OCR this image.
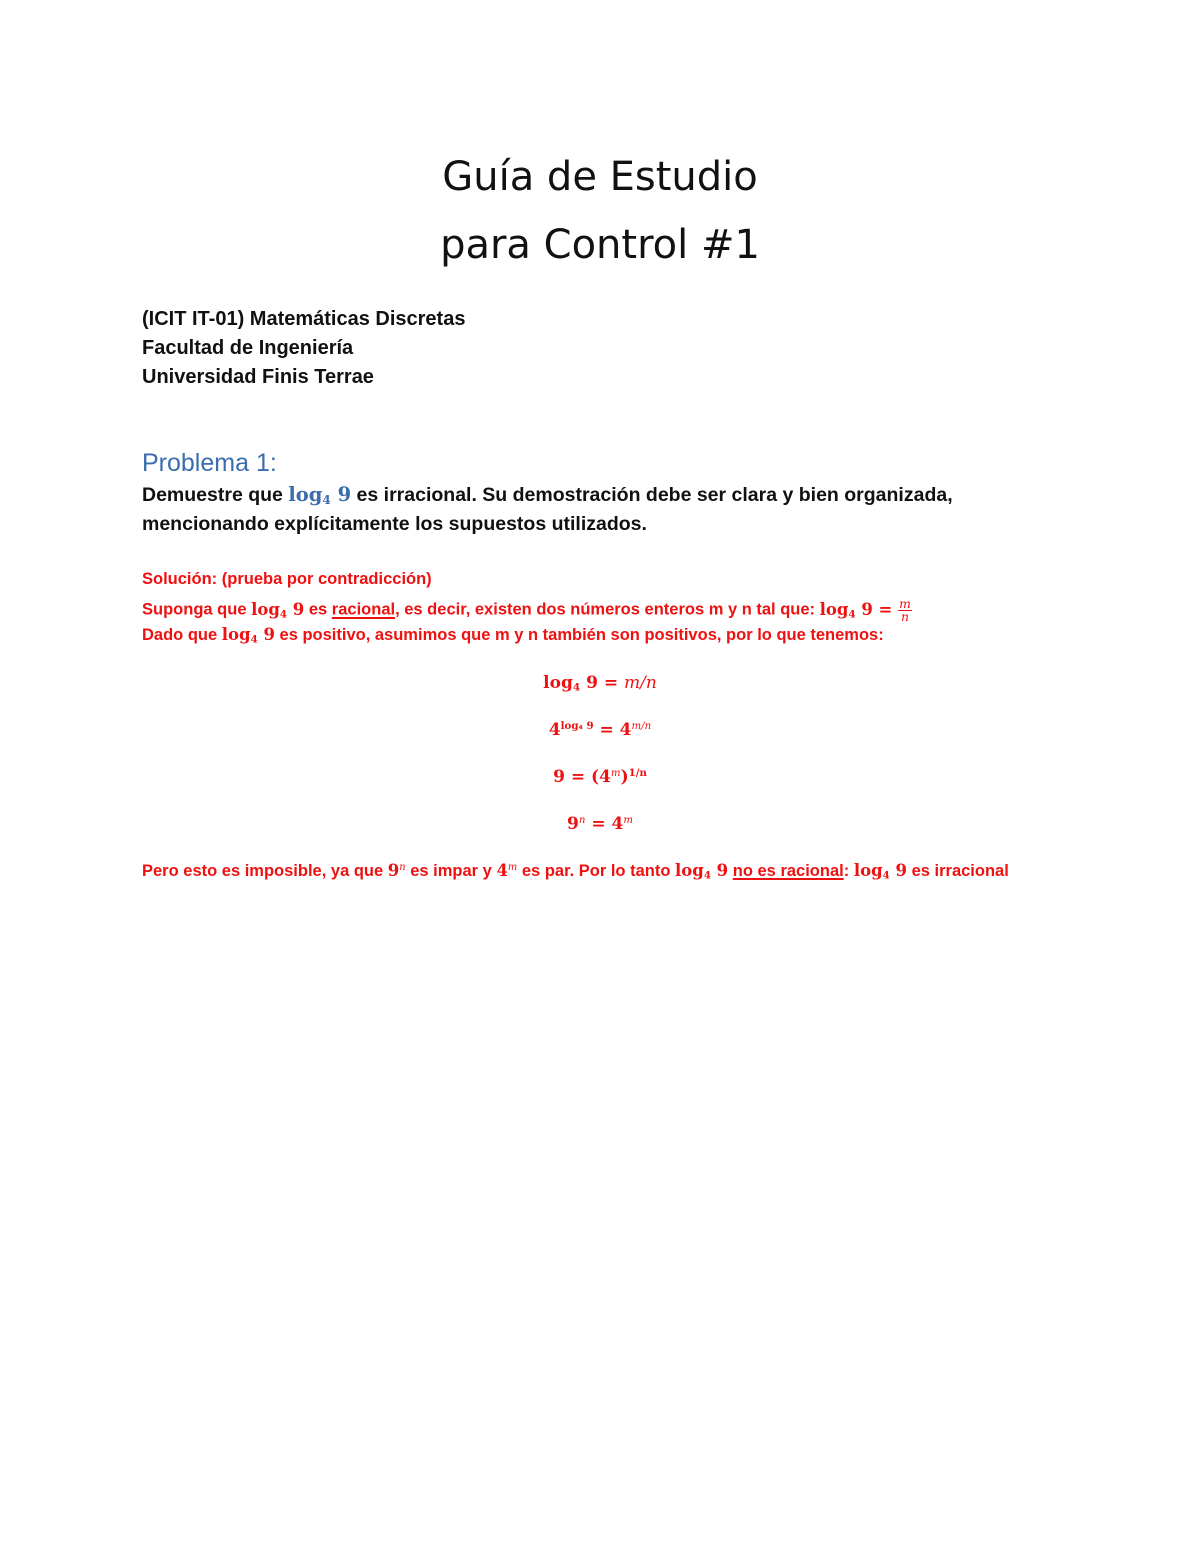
Guía de Estudio
para Control #1
(ICIT IT-01) Matemáticas Discretas
Facultad de Ingeniería
Universidad Finis Terrae
Problema 1:
Demuestre que $\log_4 9$ es irracional. Su demostración debe ser clara y bien organizada,
mencionando explícitamente los supuestos utilizados.
Solución: (prueba por contradicción)
Suponga que $\log_4 9$ es racional, es decir, existen dos números enteros m y n tal que: $\log_4 9 = \frac{m}{n}$
Dado que $\log_4 9$ es positivo, asumimos que m y n también son positivos, por lo que tenemos:
$\log_4 9 = m/n$
$4^{log_4 9} = 4^{m/n}$
$9 = (4^m)^{1/n}$
$9^n = 4^m$
Pero esto es imposible, ya que 9$^n$ es impar y 4$^m$ es par. Por lo tanto $\log_4 9$ no es racional: $\log_4 9$ es irracional
